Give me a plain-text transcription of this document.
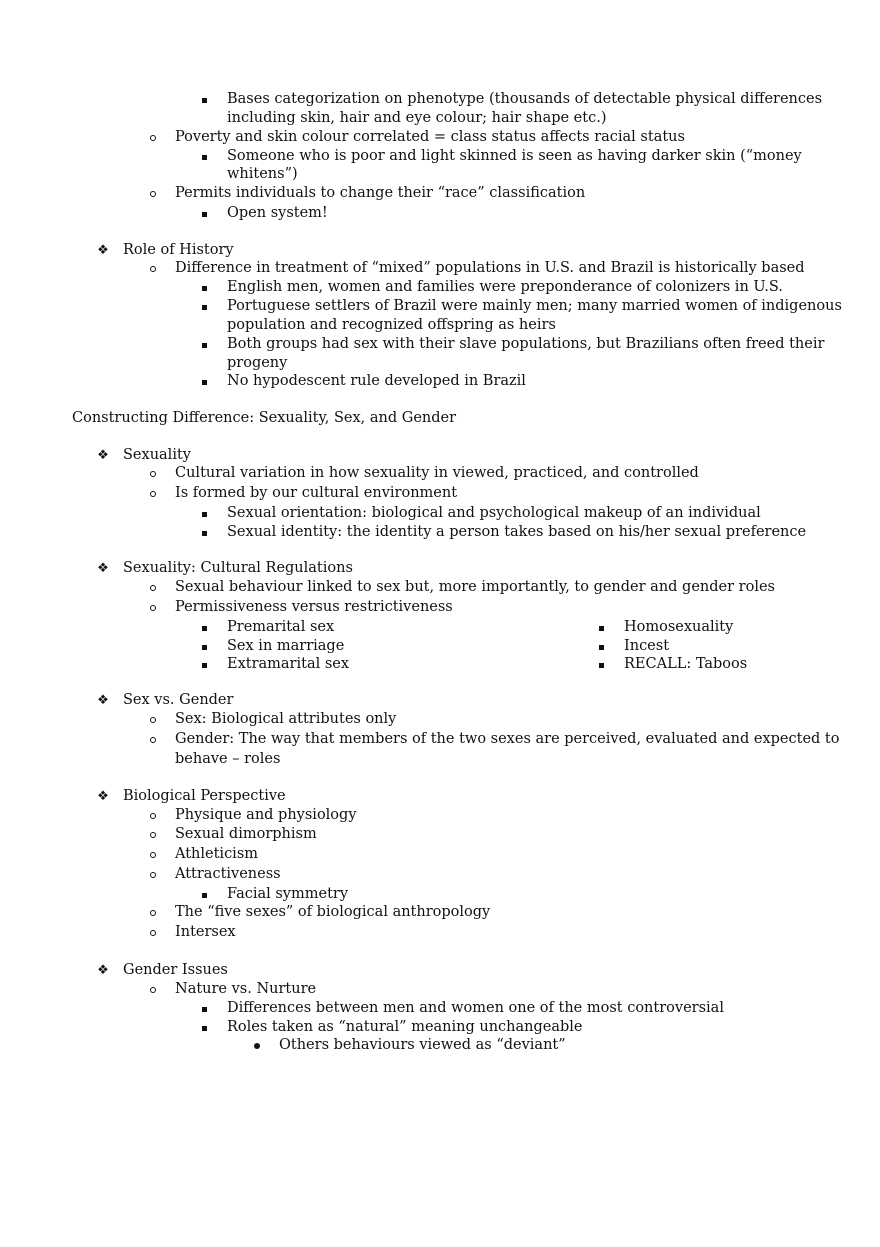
Bases categorization on phenotype (thousands of detectable physical differences
including skin, hair and eye colour; hair shape etc.)
Poverty and skin colour correlated = class status affects racial status
Someone who is poor and light skinned is seen as having darker skin (“money
whitens”)
Permits individuals to change their “race” classification
Open system!
❖ Role of History
Difference in treatment of “mixed” populations in U.S. and Brazil is historically based
English men, women and families were preponderance of colonizers in U.S.
Portuguese settlers of Brazil were mainly men; many married women of indigenous
population and recognized offspring as heirs
Both groups had sex with their slave populations, but Brazilians often freed their
progeny
No hypodescent rule developed in Brazil
Constructing Difference: Sexuality, Sex, and Gender
❖ Sexuality
Cultural variation in how sexuality in viewed, practiced, and controlled
Is formed by our cultural environment
Sexual orientation: biological and psychological makeup of an individual
Sexual identity: the identity a person takes based on his/her sexual preference
❖ Sexuality: Cultural Regulations
Sexual behaviour linked to sex but, more importantly, to gender and gender roles
Permissiveness versus restrictiveness
Premarital sex	Homosexuality
Sex in marriage	Incest
Extramarital sex	RECALL: Taboos
❖ Sex vs. Gender
Sex: Biological attributes only
Gender: The way that members of the two sexes are perceived, evaluated and expected to
behave – roles
❖ Biological Perspective
Physique and physiology
Sexual dimorphism
Athleticism
Attractiveness
Facial symmetry
The “five sexes” of biological anthropology
Intersex
❖ Gender Issues
Nature vs. Nurture
Differences between men and women one of the most controversial
Roles taken as “natural” meaning unchangeable
Others behaviours viewed as “deviant”
